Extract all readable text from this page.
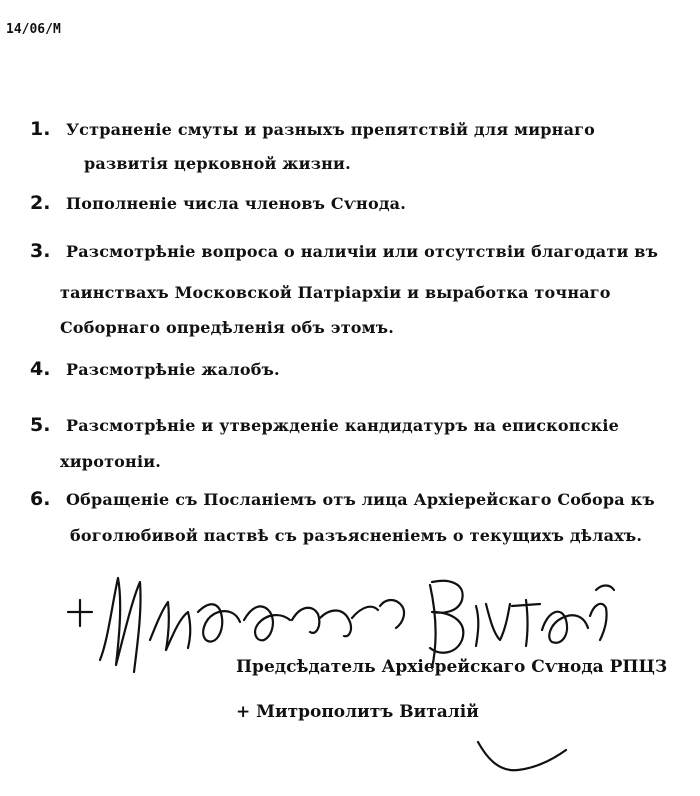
14/06/M
1. Устраненіе смуты и разныхъ препятствій для мирнаго
развитія церковной жизни.
2. Пополненіе числа членовъ Сѵнода.
3. Разсмотрѣніе вопроса о наличіи или отсутствіи благодати въ
таинствахъ Московской Патріархіи и выработка точнаго
Соборнаго опредѣленія объ этомъ.
4. Разсмотрѣніе жалобъ.
5. Разсмотрѣніе и утвержденіе кандидатуръ на епископскіе
хиротоніи.
6. Обращеніе съ Посланіемъ отъ лица Архіерейскаго Собора къ
боголюбивой паствѣ съ разъясненіемъ о текущихъ дѣлахъ.
Предсѣдатель Архіерейскаго Сѵнода РПЦЗ
+ Митрополитъ Виталій
